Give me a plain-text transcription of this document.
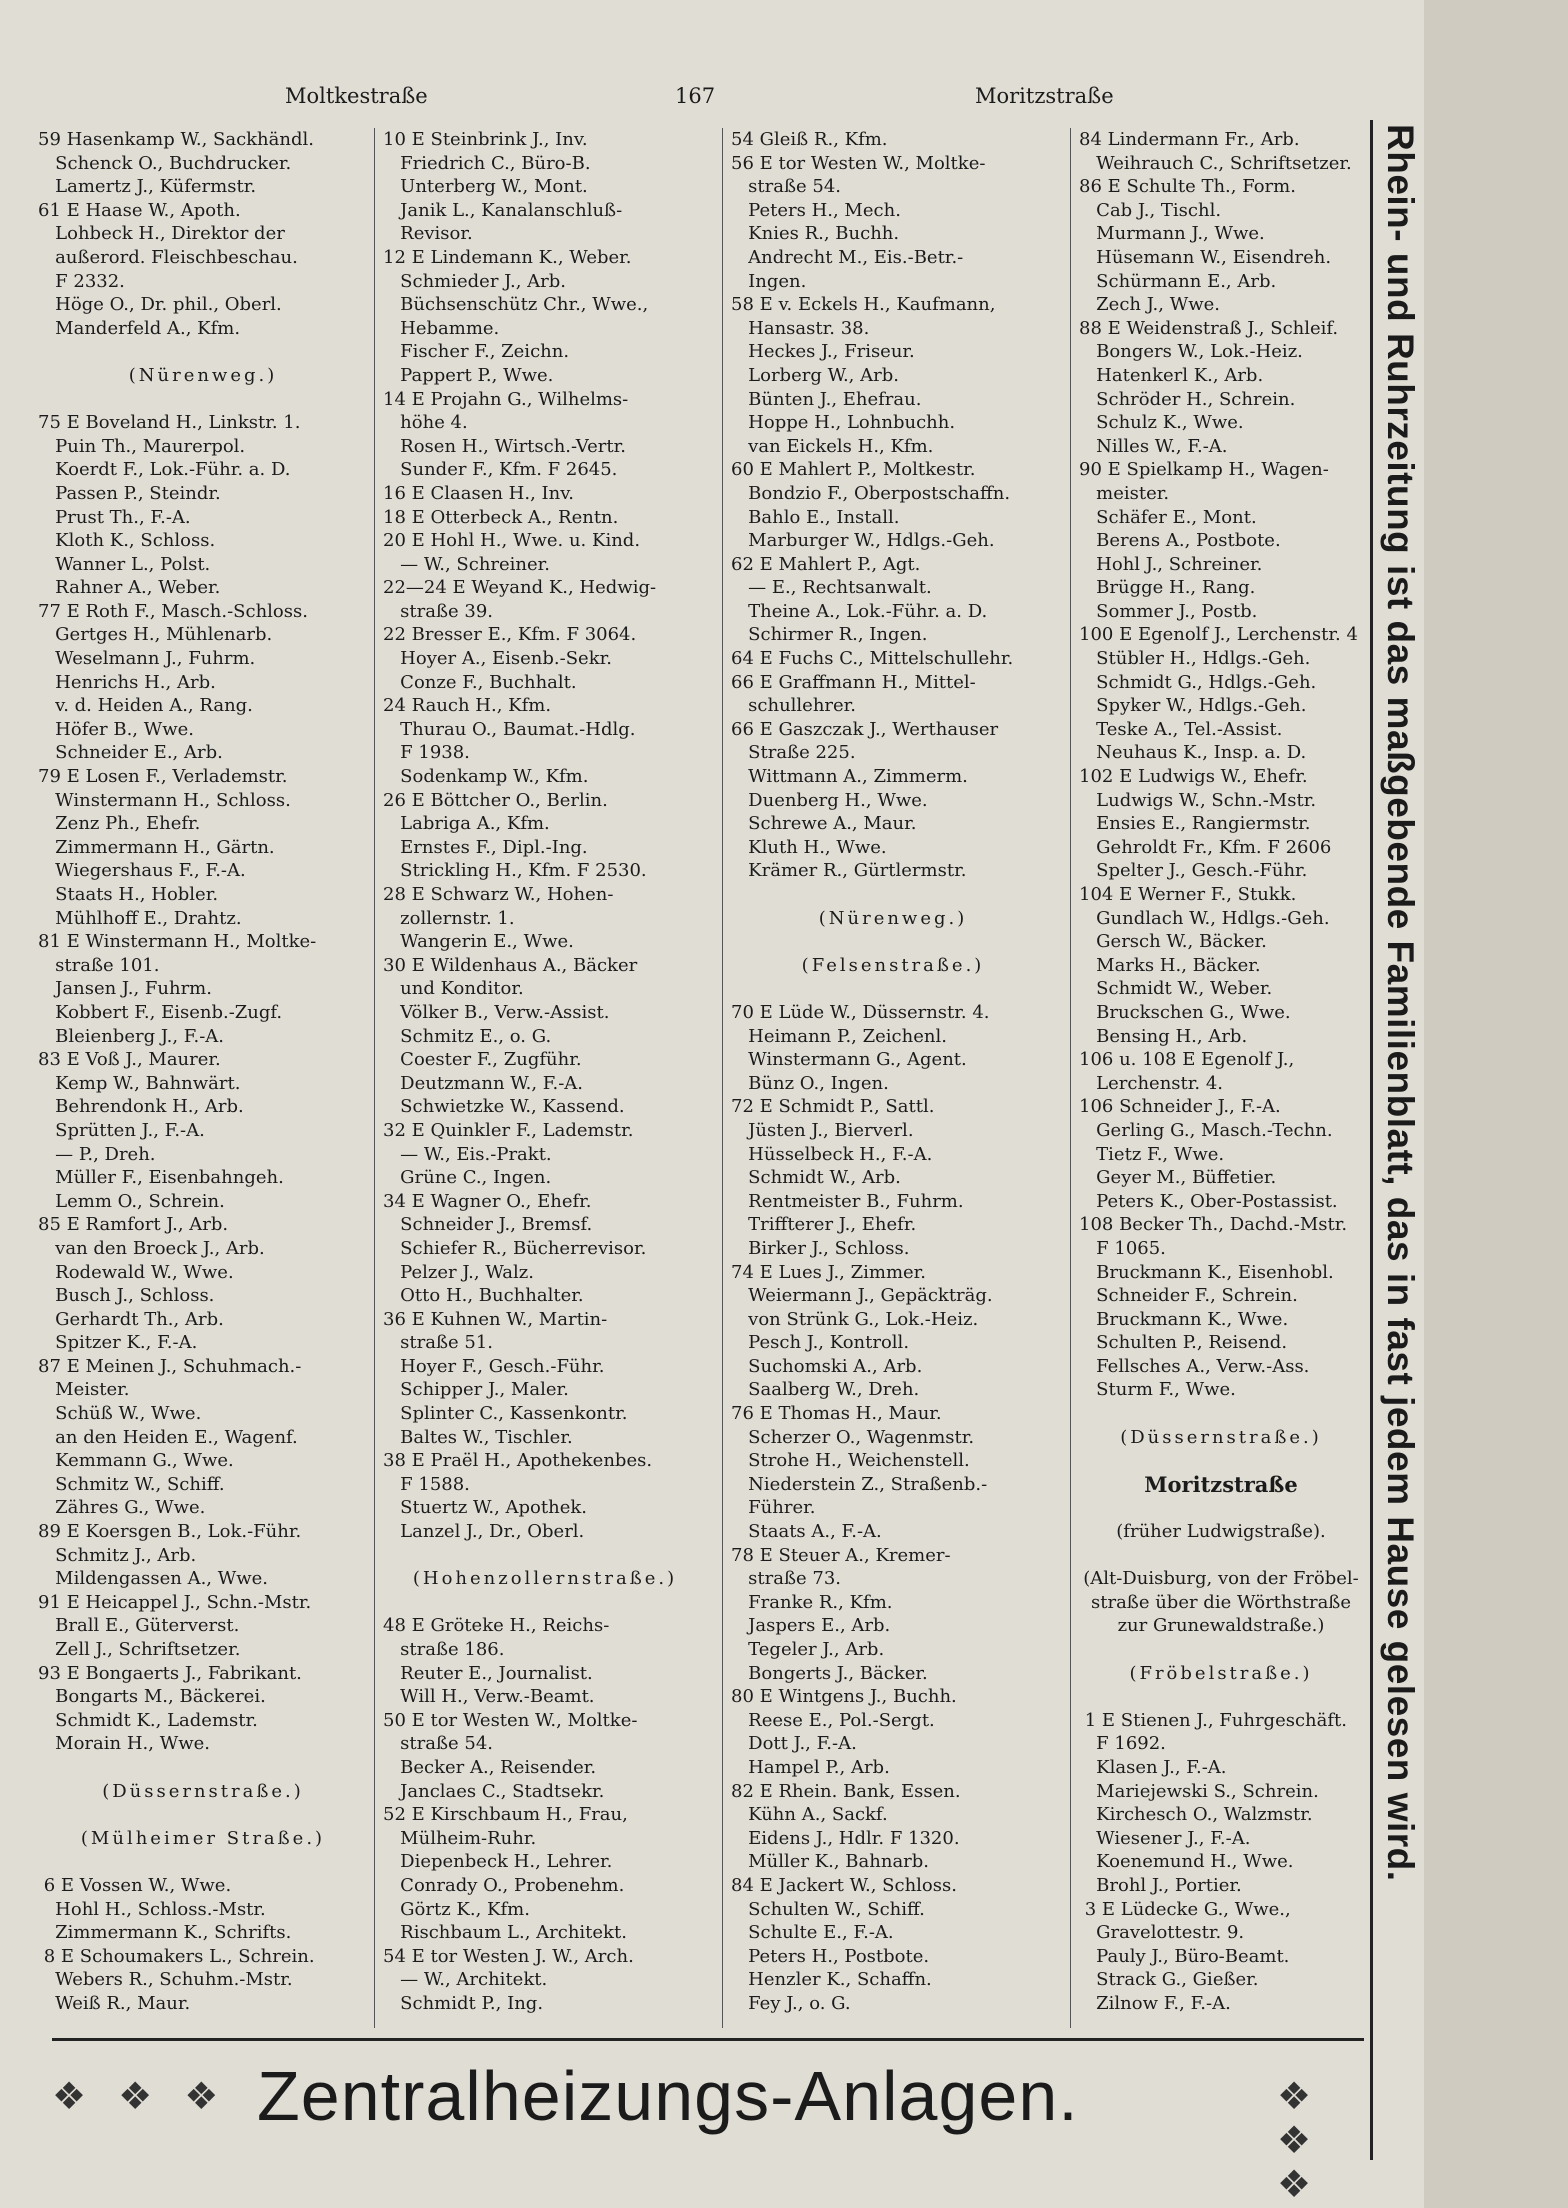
Moltkestraße	167	Moritzstraße
59 Hasenkamp W., Sackhändl.
Schenck O., Buchdrucker.
Lamertz J., Küfermstr.
61 E Haase W., Apoth.
Lohbeck H., Direktor der
außerord. Fleischbeschau.
F 2332.
Höge O., Dr. phil., Oberl.
Manderfeld A., Kfm.

(Nürenweg.)

75 E Boveland H., Linkstr. 1.
Puin Th., Maurerpol.
Koerdt F., Lok.-Führ. a. D.
Passen P., Steindr.
Prust Th., F.-A.
Kloth K., Schloss.
Wanner L., Polst.
Rahner A., Weber.
77 E Roth F., Masch.-Schloss.
Gertges H., Mühlenarb.
Weselmann J., Fuhrm.
Henrichs H., Arb.
v. d. Heiden A., Rang.
Höfer B., Wwe.
Schneider E., Arb.
79 E Losen F., Verlademstr.
Winstermann H., Schloss.
Zenz Ph., Ehefr.
Zimmermann H., Gärtn.
Wiegershaus F., F.-A.
Staats H., Hobler.
Mühlhoff E., Drahtz.
81 E Winstermann H., Moltke-
straße 101.
Jansen J., Fuhrm.
Kobbert F., Eisenb.-Zugf.
Bleienberg J., F.-A.
83 E Voß J., Maurer.
Kemp W., Bahnwärt.
Behrendonk H., Arb.
Sprütten J., F.-A.
— P., Dreh.
Müller F., Eisenbahngeh.
Lemm O., Schrein.
85 E Ramfort J., Arb.
van den Broeck J., Arb.
Rodewald W., Wwe.
Busch J., Schloss.
Gerhardt Th., Arb.
Spitzer K., F.-A.
87 E Meinen J., Schuhmach.-
Meister.
Schüß W., Wwe.
an den Heiden E., Wagenf.
Kemmann G., Wwe.
Schmitz W., Schiff.
Zähres G., Wwe.
89 E Koersgen B., Lok.-Führ.
Schmitz J., Arb.
Mildengassen A., Wwe.
91 E Heicappel J., Schn.-Mstr.
Brall E., Güterverst.
Zell J., Schriftsetzer.
93 E Bongaerts J., Fabrikant.
Bongarts M., Bäckerei.
Schmidt K., Lademstr.
Morain H., Wwe.

(Düssernstraße.)

(Mülheimer Straße.)

6 E Vossen W., Wwe.
Hohl H., Schloss.-Mstr.
Zimmermann K., Schrifts.
8 E Schoumakers L., Schrein.
Webers R., Schuhm.-Mstr.
Weiß R., Maur.
10 E Steinbrink J., Inv.
Friedrich C., Büro-B.
Unterberg W., Mont.
Janik L., Kanalanschluß-
Revisor.
12 E Lindemann K., Weber.
Schmieder J., Arb.
Büchsenschütz Chr., Wwe.,
Hebamme.
Fischer F., Zeichn.
Pappert P., Wwe.
14 E Projahn G., Wilhelms-
höhe 4.
Rosen H., Wirtsch.-Vertr.
Sunder F., Kfm. F 2645.
16 E Claasen H., Inv.
18 E Otterbeck A., Rentn.
20 E Hohl H., Wwe. u. Kind.
— W., Schreiner.
22—24 E Weyand K., Hedwig-
straße 39.
22 Bresser E., Kfm. F 3064.
Hoyer A., Eisenb.-Sekr.
Conze F., Buchhalt.
24 Rauch H., Kfm.
Thurau O., Baumat.-Hdlg.
F 1938.
Sodenkamp W., Kfm.
26 E Böttcher O., Berlin.
Labriga A., Kfm.
Ernstes F., Dipl.-Ing.
Strickling H., Kfm. F 2530.
28 E Schwarz W., Hohen-
zollernstr. 1.
Wangerin E., Wwe.
30 E Wildenhaus A., Bäcker
und Konditor.
Völker B., Verw.-Assist.
Schmitz E., o. G.
Coester F., Zugführ.
Deutzmann W., F.-A.
Schwietzke W., Kassend.
32 E Quinkler F., Lademstr.
— W., Eis.-Prakt.
Grüne C., Ingen.
34 E Wagner O., Ehefr.
Schneider J., Bremsf.
Schiefer R., Bücherrevisor.
Pelzer J., Walz.
Otto H., Buchhalter.
36 E Kuhnen W., Martin-
straße 51.
Hoyer F., Gesch.-Führ.
Schipper J., Maler.
Splinter C., Kassenkontr.
Baltes W., Tischler.
38 E Praël H., Apothekenbes.
F 1588.
Stuertz W., Apothek.
Lanzel J., Dr., Oberl.

(Hohenzollernstraße.)

48 E Gröteke H., Reichs-
straße 186.
Reuter E., Journalist.
Will H., Verw.-Beamt.
50 E tor Westen W., Moltke-
straße 54.
Becker A., Reisender.
Janclaes C., Stadtsekr.
52 E Kirschbaum H., Frau,
Mülheim-Ruhr.
Diepenbeck H., Lehrer.
Conrady O., Probenehm.
Görtz K., Kfm.
Rischbaum L., Architekt.
54 E tor Westen J. W., Arch.
— W., Architekt.
Schmidt P., Ing.
54 Gleiß R., Kfm.
56 E tor Westen W., Moltke-
straße 54.
Peters H., Mech.
Knies R., Buchh.
Andrecht M., Eis.-Betr.-
Ingen.
58 E v. Eckels H., Kaufmann,
Hansastr. 38.
Heckes J., Friseur.
Lorberg W., Arb.
Bünten J., Ehefrau.
Hoppe H., Lohnbuchh.
van Eickels H., Kfm.
60 E Mahlert P., Moltkestr.
Bondzio F., Oberpostschaffn.
Bahlo E., Install.
Marburger W., Hdlgs.-Geh.
62 E Mahlert P., Agt.
— E., Rechtsanwalt.
Theine A., Lok.-Führ. a. D.
Schirmer R., Ingen.
64 E Fuchs C., Mittelschullehr.
66 E Graffmann H., Mittel-
schullehrer.
66 E Gaszczak J., Werthauser
Straße 225.
Wittmann A., Zimmerm.
Duenberg H., Wwe.
Schrewe A., Maur.
Kluth H., Wwe.
Krämer R., Gürtlermstr.

(Nürenweg.)

(Felsenstraße.)

70 E Lüde W., Düssernstr. 4.
Heimann P., Zeichenl.
Winstermann G., Agent.
Bünz O., Ingen.
72 E Schmidt P., Sattl.
Jüsten J., Bierverl.
Hüsselbeck H., F.-A.
Schmidt W., Arb.
Rentmeister B., Fuhrm.
Triffterer J., Ehefr.
Birker J., Schloss.
74 E Lues J., Zimmer.
Weiermann J., Gepäckträg.
von Strünk G., Lok.-Heiz.
Pesch J., Kontroll.
Suchomski A., Arb.
Saalberg W., Dreh.
76 E Thomas H., Maur.
Scherzer O., Wagenmstr.
Strohe H., Weichenstell.
Niederstein Z., Straßenb.-
Führer.
Staats A., F.-A.
78 E Steuer A., Kremer-
straße 73.
Franke R., Kfm.
Jaspers E., Arb.
Tegeler J., Arb.
Bongerts J., Bäcker.
80 E Wintgens J., Buchh.
Reese E., Pol.-Sergt.
Dott J., F.-A.
Hampel P., Arb.
82 E Rhein. Bank, Essen.
Kühn A., Sackf.
Eidens J., Hdlr. F 1320.
Müller K., Bahnarb.
84 E Jackert W., Schloss.
Schulten W., Schiff.
Schulte E., F.-A.
Peters H., Postbote.
Henzler K., Schaffn.
Fey J., o. G.
84 Lindermann Fr., Arb.
Weihrauch C., Schriftsetzer.
86 E Schulte Th., Form.
Cab J., Tischl.
Murmann J., Wwe.
Hüsemann W., Eisendreh.
Schürmann E., Arb.
Zech J., Wwe.
88 E Weidenstraß J., Schleif.
Bongers W., Lok.-Heiz.
Hatenkerl K., Arb.
Schröder H., Schrein.
Schulz K., Wwe.
Nilles W., F.-A.
90 E Spielkamp H., Wagen-
meister.
Schäfer E., Mont.
Berens A., Postbote.
Hohl J., Schreiner.
Brügge H., Rang.
Sommer J., Postb.
100 E Egenolf J., Lerchenstr. 4
Stübler H., Hdlgs.-Geh.
Schmidt G., Hdlgs.-Geh.
Spyker W., Hdlgs.-Geh.
Teske A., Tel.-Assist.
Neuhaus K., Insp. a. D.
102 E Ludwigs W., Ehefr.
Ludwigs W., Schn.-Mstr.
Ensies E., Rangiermstr.
Gehroldt Fr., Kfm. F 2606
Spelter J., Gesch.-Führ.
104 E Werner F., Stukk.
Gundlach W., Hdlgs.-Geh.
Gersch W., Bäcker.
Marks H., Bäcker.
Schmidt W., Weber.
Bruckschen G., Wwe.
Bensing H., Arb.
106 u. 108 E Egenolf J.,
Lerchenstr. 4.
106 Schneider J., F.-A.
Gerling G., Masch.-Techn.
Tietz F., Wwe.
Geyer M., Büffetier.
Peters K., Ober-Postassist.
108 Becker Th., Dachd.-Mstr.
F 1065.
Bruckmann K., Eisenhobl.
Schneider F., Schrein.
Bruckmann K., Wwe.
Schulten P., Reisend.
Fellsches A., Verw.-Ass.
Sturm F., Wwe.

(Düssernstraße.)

Moritzstraße

(früher Ludwigstraße).

(Alt-Duisburg, von der Fröbel-
straße über die Wörthstraße
zur Grunewaldstraße.)

(Fröbelstraße.)

1 E Stienen J., Fuhrgeschäft.
F 1692.
Klasen J., F.-A.
Mariejewski S., Schrein.
Kirchesch O., Walzmstr.
Wiesener J., F.-A.
Koenemund H., Wwe.
Brohl J., Portier.
3 E Lüdecke G., Wwe.,
Gravelottestr. 9.
Pauly J., Büro-Beamt.
Strack G., Gießer.
Zilnow F., F.-A.
❖ ❖ ❖ Zentralheizungs-Anlagen.	❖ ❖ ❖
Rhein- und Ruhrzeitung ist das maßgebende Familienblatt, das in fast jedem Hause gelesen wird.
